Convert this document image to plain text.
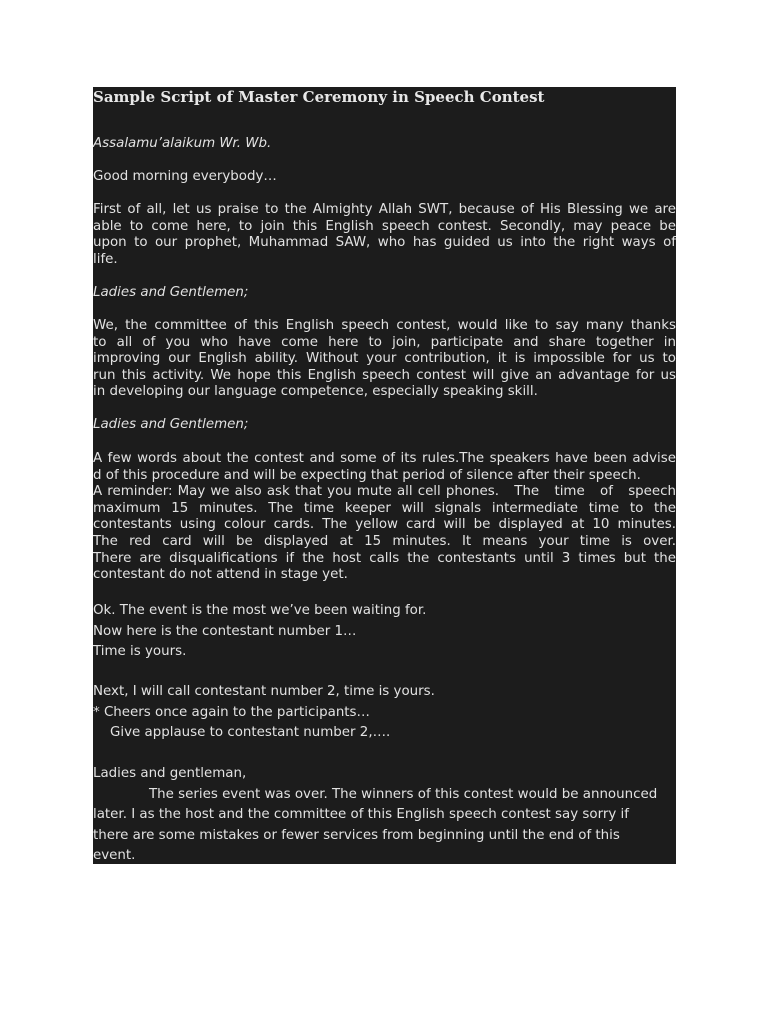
Sample Script of Master Ceremony in Speech Contest

Assalamu’alaikum Wr. Wb.

Good morning everybody…

First of all, let us praise to the Almighty Allah SWT, because of His Blessing we are
able to come here, to join this English speech contest. Secondly, may peace be
upon to our prophet, Muhammad SAW, who has guided us into the right ways of
life.

Ladies and Gentlemen;

We, the committee of this English speech contest, would like to say many thanks
to all of you who have come here to join, participate and share together in
improving our English ability. Without your contribution, it is impossible for us to
run this activity. We hope this English speech contest will give an advantage for us
in developing our language competence, especially speaking skill.

Ladies and Gentlemen;

A few words about the contest and some of its rules.The speakers have been advise
d of this procedure and will be expecting that period of silence after their speech.
A reminder: May we also ask that you mute all cell phones.   The   time   of   speech
maximum 15 minutes. The time keeper will signals intermediate time to the
contestants using colour cards. The yellow card will be displayed at 10 minutes.
The red card will be displayed at 15 minutes. It means your time is over.
There are disqualifications if the host calls the contestants until 3 times but the
contestant do not attend in stage yet.
Ok. The event is the most we’ve been waiting for.
Now here is the contestant number 1…
Time is yours.
Next, I will call contestant number 2, time is yours.
* Cheers once again to the participants…
Give applause to contestant number 2,….
Ladies and gentleman,
The series event was over. The winners of this contest would be announced
later. I as the host and the committee of this English speech contest say sorry if
there are some mistakes or fewer services from beginning until the end of this
event.
